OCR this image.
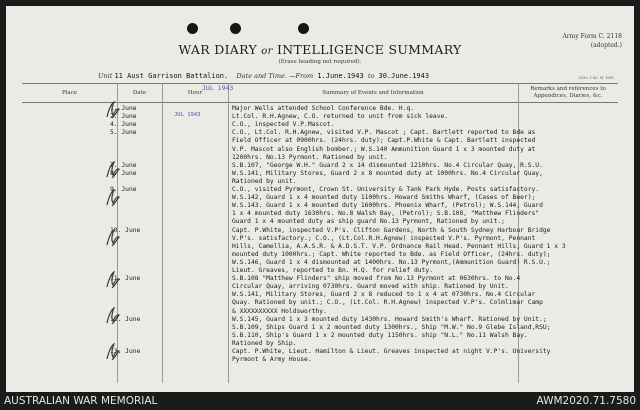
Army Form C. 2118
(adopted.)
WAR DIARY or INTELLIGENCE SUMMARY
(Erase heading not required).
Unit 11 Aust Garrison Battalion. Date and Time. —From 1.June.1943 to 30.June.1943	2530. 1-42. W. 1651
Place	Date	Hour	Summary of Events and Information
Remarks and references to Appendices, Diaries, &c.
JUL 1943
JUL 1943
1. June	Major Wells attended School Conference Bde. H.q.
2. June	Lt.Col. R.H.Agnew, C.O. returned to unit from sick leave.
4. June	C.O., inspected V.P.Mascot.
5. June	C.O., Lt.Col. R.H.Agnew, visited V.P. Mascot ; Capt. Bartlett reported to Bde as
Field Officer at 0900hrs. (24hrs. duty); Capt.P.White & Capt. Bartlett inspected
V.P. Mascot also English bomber.; W.S.140 Ammunition Guard 1 x 3 mounted duty at
1200hrs. No.13 Pyrmont. Rationed by unit.
7. June	S.B.107, "George W.H." Guard 2 x 14 dismounted 1210hrs. No.4 Circular Quay, R.S.U.
8. June	W.S.141, Military Stores, Guard 2 x 8 mounted duty at 1000hrs. No.4 Circular Quay,
Rationed by unit.
9. June	C.O., visited Pyrmont, Crown St. University & Tank Park Hyde. Posts satisfactory.
W.S.142, Guard 1 x 4 mounted duty 1100hrs. Howard Smiths Wharf, (Cases of Beer);
W.S.143. Guard 1 x 4 mounted duty 1600hrs. Phoenix Wharf, (Petrol); W.S.144, Guard
1 x 4 mounted duty 1630hrs. No.8 Walsh Bay, (Petrol); S.B.108, "Matthew Flinders"
Guard 1 x 4 mounted duty as ship guard No.13 Pyrmont, Rationed by unit.;
10. June	Capt. P.White, inspected V.P's. Clifton Gardens, North & South Sydney Harbour Bridge
V.P's. satisfactory.; C.O., (Lt.Col.R.H.Agnew) inspected V.P's. Pyrmont, Pennant
Hills, Camellia, A.A.S.R. & A.D.S.T. V.P. Ordnance Rail Head. Pennant Hills, Guard 1 x 3
mounted duty 1000hrs.; Capt. White reported to Bde. as Field Officer, (24hrs. duty);
W.S.146, Guard 1 x 4 dismounted at 1400hrs. No.13 Pyrmont,(Ammunition Guard) R.S.U.;
Lieut. Greaves, reported to Bn. H.Q. for relief duty.
11. June	S.B.108 "Matthew Flinders" ship moved from No.13 Pyrmont at 0630hrs. to No.4
Circular Quay, arriving 0730hrs. Guard moved with ship. Rationed by Unit.
W.S.141, Military Stores, Guard 2 x 8 reduced to 1 x 4 at 0730hrs. No.4 Circular
Quay. Rationed by unit.; C.O., (Lt.Col. R.H.Agnew) inspected V.P's. Colmlimar Camp
& XXXXXXXXXX Holdsworthy.
12. June	W.S.145, Guard 1 x 3 mounted duty 1430hrs. Howard Smith's Wharf. Rationed by Unit.;
S.B.109, Ships Guard 1 x 2 mounted duty 1300hrs., Ship "M.W." No.9 Glebe Island,RSU;
S.B.110, Ship's Guard 1 x 2 mounted duty 1150hrs. ship "N.L." No.11 Walsh Bay.
Rationed by Ship.
13. June	Capt. P.White, Lieut. Hamilton & Lieut. Greaves inspected at night V.P's. University
Pyrmont & Army House.
AUSTRALIAN WAR MEMORIAL	AWM2020.71.7580
